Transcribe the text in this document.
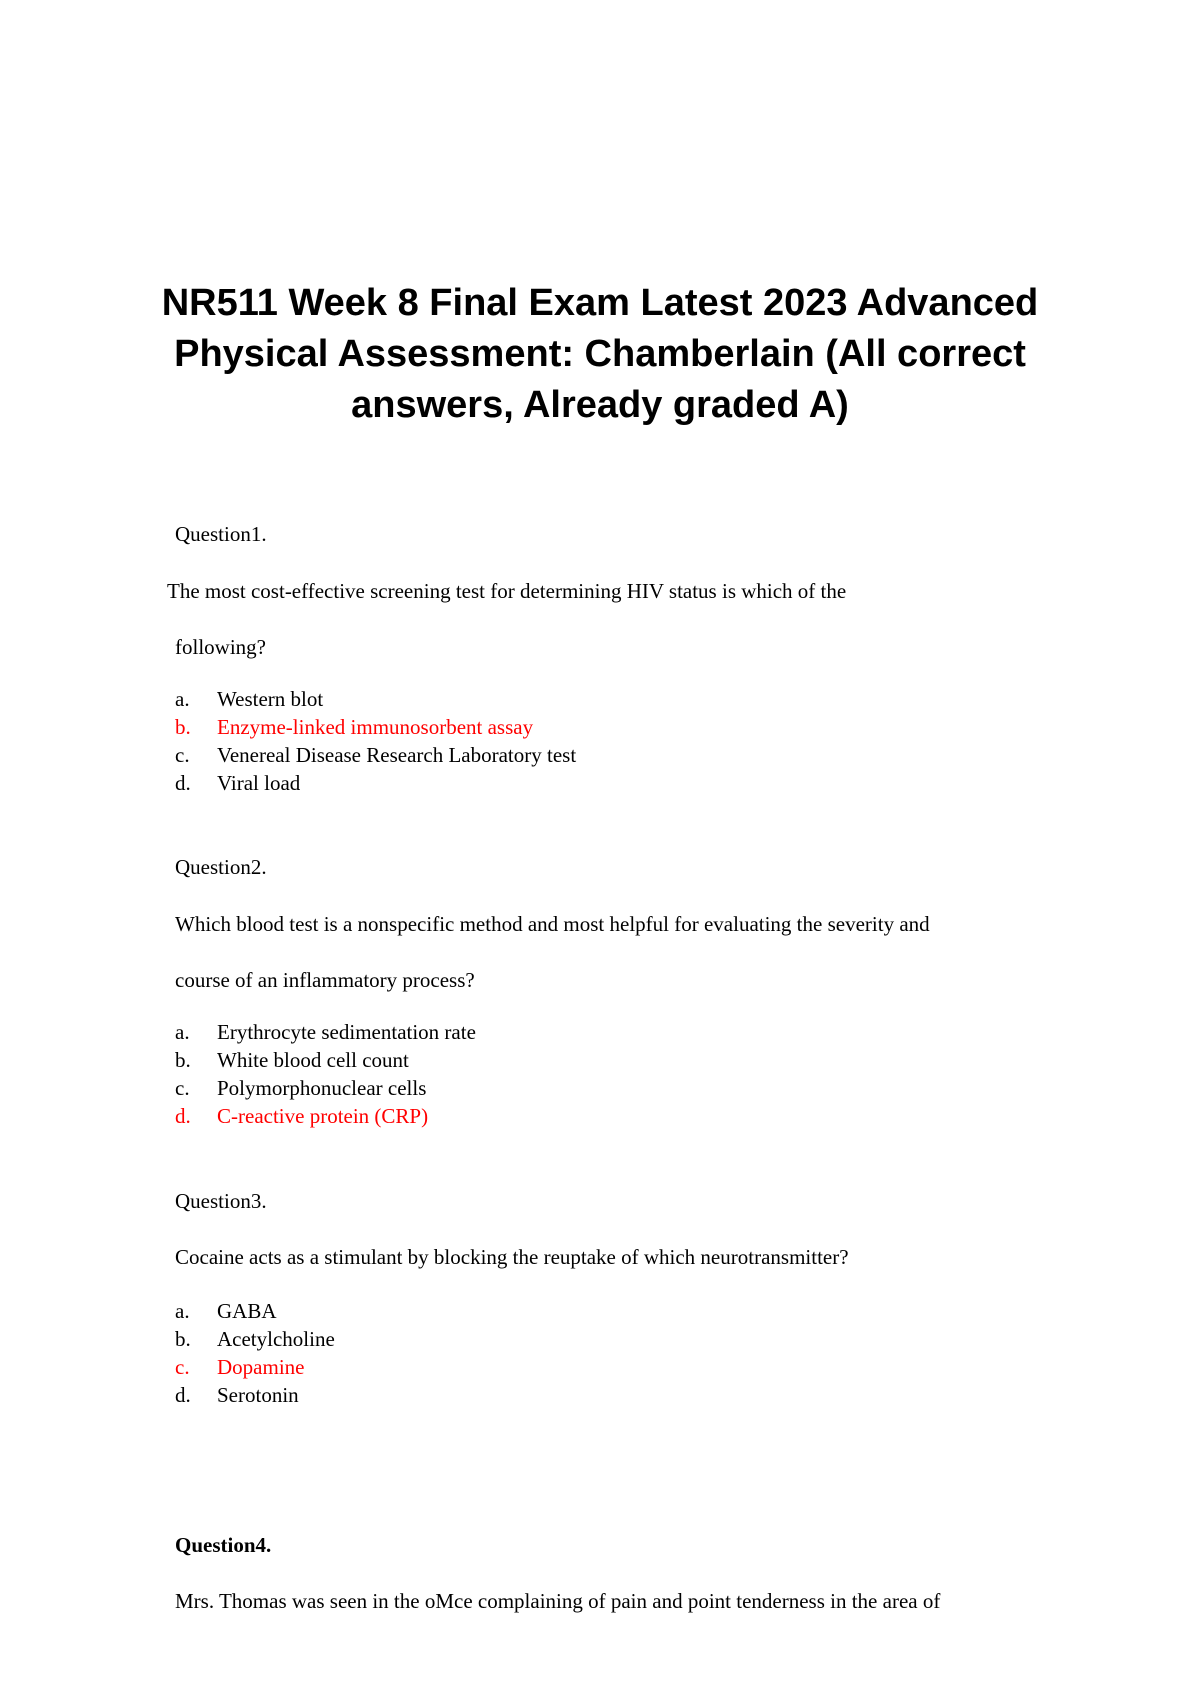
NR511 Week 8 Final Exam Latest 2023 Advanced
Physical Assessment: Chamberlain (All correct
answers, Already graded A)

Question1.

The most cost-effective screening test for determining HIV status is which of the

following?

a. Western blot
b. Enzyme-linked immunosorbent assay
c. Venereal Disease Research Laboratory test
d. Viral load

Question2.

Which blood test is a nonspecific method and most helpful for evaluating the severity and

course of an inflammatory process?

a. Erythrocyte sedimentation rate
b. White blood cell count
c. Polymorphonuclear cells
d. C-reactive protein (CRP)

Question3.

Cocaine acts as a stimulant by blocking the reuptake of which neurotransmitter?

a. GABA
b. Acetylcholine
c. Dopamine
d. Serotonin

Question4.

Mrs. Thomas was seen in the oMce complaining of pain and point tenderness in the area of
